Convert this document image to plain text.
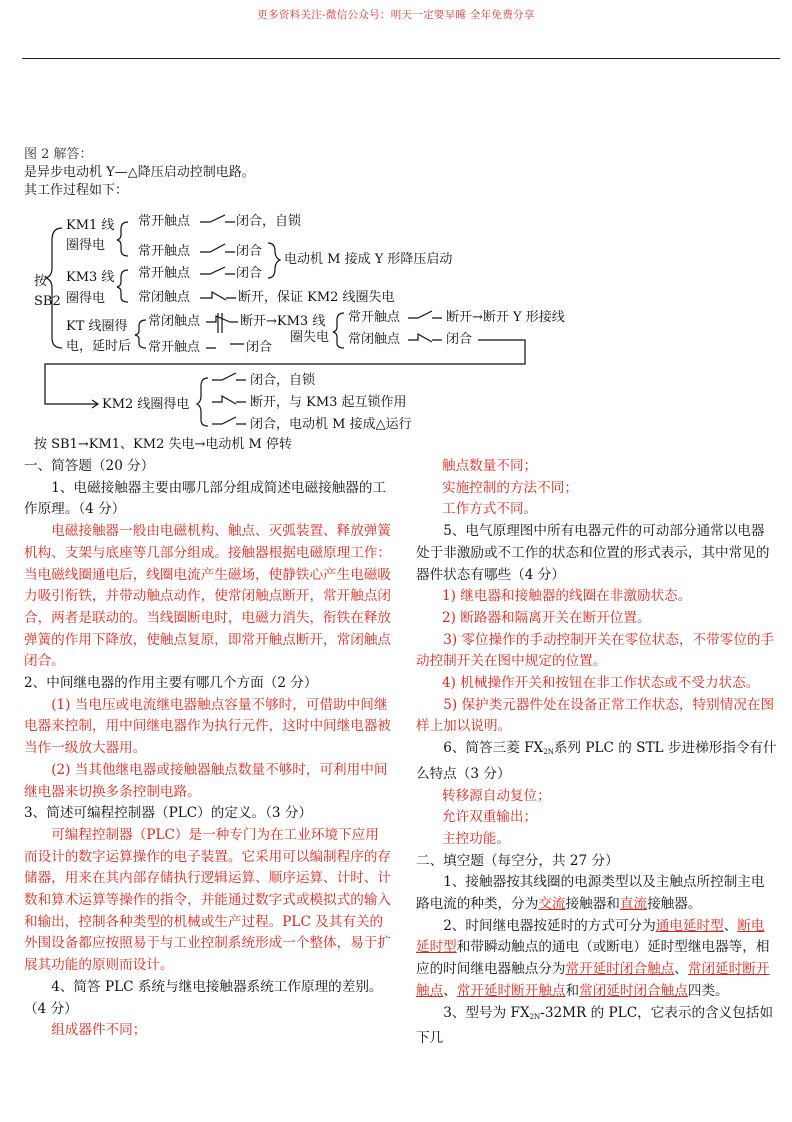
更多资料关注-微信公众号：明天一定要早睡 全年免费分享
图 2 解答：
是异步电动机 Y—△降压启动控制电路。
其工作过程如下：
按
SB2
KM1 线
圈得电
常开触点	闭合，自锁
常开触点	闭合
电动机 M 接成 Y 形降压启动
KM3 线
圈得电
常开触点	闭合
常闭触点	断开，保证 KM2 线圈失电
KT 线圈得
电，延时后
常闭触点	断开→KM3 线
圈失电
常开触点	闭合
常开触点	断开→断开 Y 形接线
常闭触点	闭合
KM2 线圈得电
闭合，自锁
断开，与 KM3 起互锁作用
闭合，电动机 M 接成△运行
按 SB1→KM1、KM2 失电→电动机 M 停转

一、简答题（20 分）

1、电磁接触器主要由哪几部分组成简述电磁接触器的工作原理。（4 分）

电磁接触器一般由电磁机构、触点、灭弧装置、释放弹簧机构、支架与底座等几部分组成。接触器根据电磁原理工作：当电磁线圈通电后，线圈电流产生磁场，使静铁心产生电磁吸力吸引衔铁，并带动触点动作，使常闭触点断开，常开触点闭合，两者是联动的。当线圈断电时，电磁力消失，衔铁在释放弹簧的作用下降放，使触点复原，即常开触点断开，常闭触点闭合。

2、中间继电器的作用主要有哪几个方面（2 分）

(1) 当电压或电流继电器触点容量不够时，可借助中间继电器来控制，用中间继电器作为执行元件，这时中间继电器被当作一级放大器用。

(2) 当其他继电器或接触器触点数量不够时，可利用中间继电器来切换多条控制电路。

3、简述可编程控制器（PLC）的定义。（3 分）

可编程控制器（PLC）是一种专门为在工业环境下应用而设计的数字运算操作的电子装置。它采用可以编制程序的存储器，用来在其内部存储执行逻辑运算、顺序运算、计时、计数和算术运算等操作的指令，并能通过数字式或模拟式的输入和输出，控制各种类型的机械或生产过程。PLC 及其有关的外围设备都应按照易于与工业控制系统形成一个整体，易于扩展其功能的原则而设计。

4、简答 PLC 系统与继电接触器系统工作原理的差别。（4 分）

组成器件不同；

触点数量不同；

实施控制的方法不同；

工作方式不同。

5、电气原理图中所有电器元件的可动部分通常以电器处于非激励或不工作的状态和位置的形式表示，其中常见的器件状态有哪些（4 分）

1) 继电器和接触器的线圈在非激励状态。

2) 断路器和隔离开关在断开位置。

3) 零位操作的手动控制开关在零位状态，不带零位的手动控制开关在图中规定的位置。

4) 机械操作开关和按钮在非工作状态或不受力状态。

5) 保护类元器件处在设备正常工作状态，特别情况在图样上加以说明。

6、简答三菱 $FX_{2N}$系列 PLC 的 STL 步进梯形指令有什么特点（3 分）

转移源自动复位；

允许双重输出；

主控功能。

二、填空题（每空分，共 27 分）

1、接触器按其线圈的电源类型以及主触点所控制主电路电流的种类，分为交流接触器和直流接触器。

2、时间继电器按延时的方式可分为通电延时型、断电延时型和带瞬动触点的通电（或断电）延时型继电器等，相应的时间继电器触点分为常开延时闭合触点、常闭延时断开触点、常开延时断开触点和常闭延时闭合触点四类。

3、型号为 $FX_{2N}-32MR$ 的 PLC，它表示的含义包括如下几
